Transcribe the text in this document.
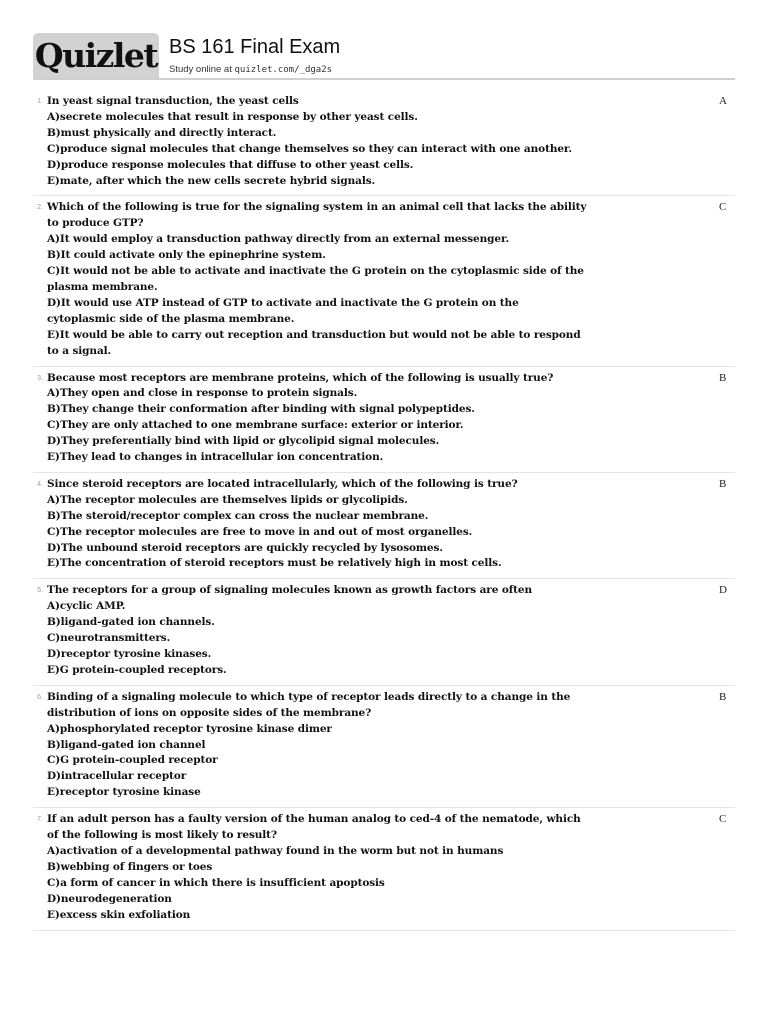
Quizlet BS 161 Final Exam
Study online at quizlet.com/_dga2s
1. In yeast signal transduction, the yeast cells
A)secrete molecules that result in response by other yeast cells.
B)must physically and directly interact.
C)produce signal molecules that change themselves so they can interact with one another.
D)produce response molecules that diffuse to other yeast cells.
E)mate, after which the new cells secrete hybrid signals.
A
2. Which of the following is true for the signaling system in an animal cell that lacks the ability to produce GTP?
A)It would employ a transduction pathway directly from an external messenger.
B)It could activate only the epinephrine system.
C)It would not be able to activate and inactivate the G protein on the cytoplasmic side of the plasma membrane.
D)It would use ATP instead of GTP to activate and inactivate the G protein on the cytoplasmic side of the plasma membrane.
E)It would be able to carry out reception and transduction but would not be able to respond to a signal.
C
3. Because most receptors are membrane proteins, which of the following is usually true?
A)They open and close in response to protein signals.
B)They change their conformation after binding with signal polypeptides.
C)They are only attached to one membrane surface: exterior or interior.
D)They preferentially bind with lipid or glycolipid signal molecules.
E)They lead to changes in intracellular ion concentration.
B
4. Since steroid receptors are located intracellularly, which of the following is true?
A)The receptor molecules are themselves lipids or glycolipids.
B)The steroid/receptor complex can cross the nuclear membrane.
C)The receptor molecules are free to move in and out of most organelles.
D)The unbound steroid receptors are quickly recycled by lysosomes.
E)The concentration of steroid receptors must be relatively high in most cells.
B
5. The receptors for a group of signaling molecules known as growth factors are often
A)cyclic AMP.
B)ligand-gated ion channels.
C)neurotransmitters.
D)receptor tyrosine kinases.
E)G protein-coupled receptors.
D
6. Binding of a signaling molecule to which type of receptor leads directly to a change in the distribution of ions on opposite sides of the membrane?
A)phosphorylated receptor tyrosine kinase dimer
B)ligand-gated ion channel
C)G protein-coupled receptor
D)intracellular receptor
E)receptor tyrosine kinase
B
7. If an adult person has a faulty version of the human analog to ced-4 of the nematode, which of the following is most likely to result?
A)activation of a developmental pathway found in the worm but not in humans
B)webbing of fingers or toes
C)a form of cancer in which there is insufficient apoptosis
D)neurodegeneration
E)excess skin exfoliation
C
